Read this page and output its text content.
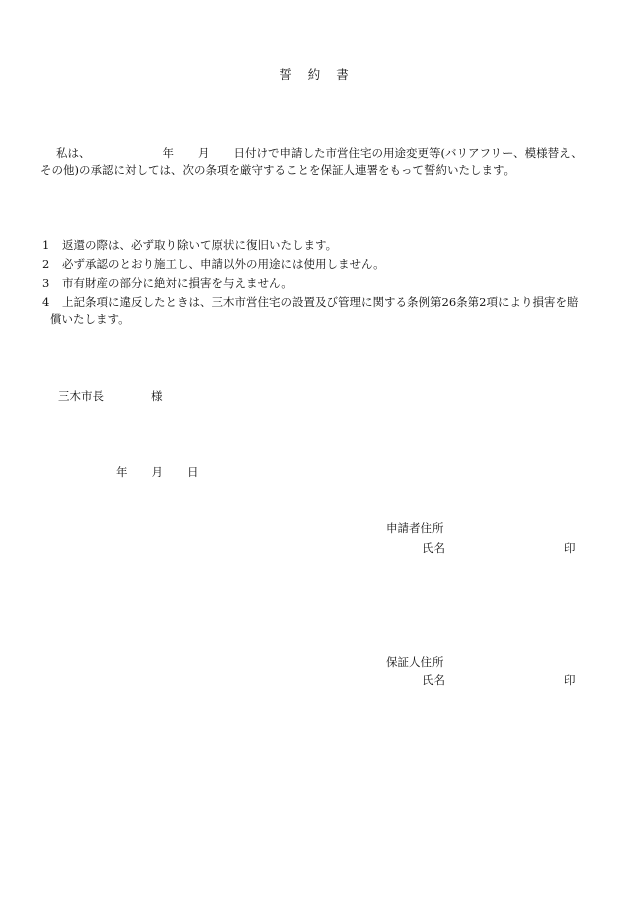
誓 約 書
私は、	年 月 日付けで申請した市営住宅の用途変更等(バリアフリー、模様替え、
その他)の承認に対しては、次の条項を厳守することを保証人連署をもって誓約いたします。
1 返還の際は、必ず取り除いて原状に復旧いたします。
2 必ず承認のとおり施工し、申請以外の用途には使用しません。
3 市有財産の部分に絶対に損害を与えません。
4 上記条項に違反したときは、三木市営住宅の設置及び管理に関する条例第26条第2項により損害を賠
償いたします。
三木市長	様
年 月 日
申請者住所
氏名	印
保証人住所
氏名	印
